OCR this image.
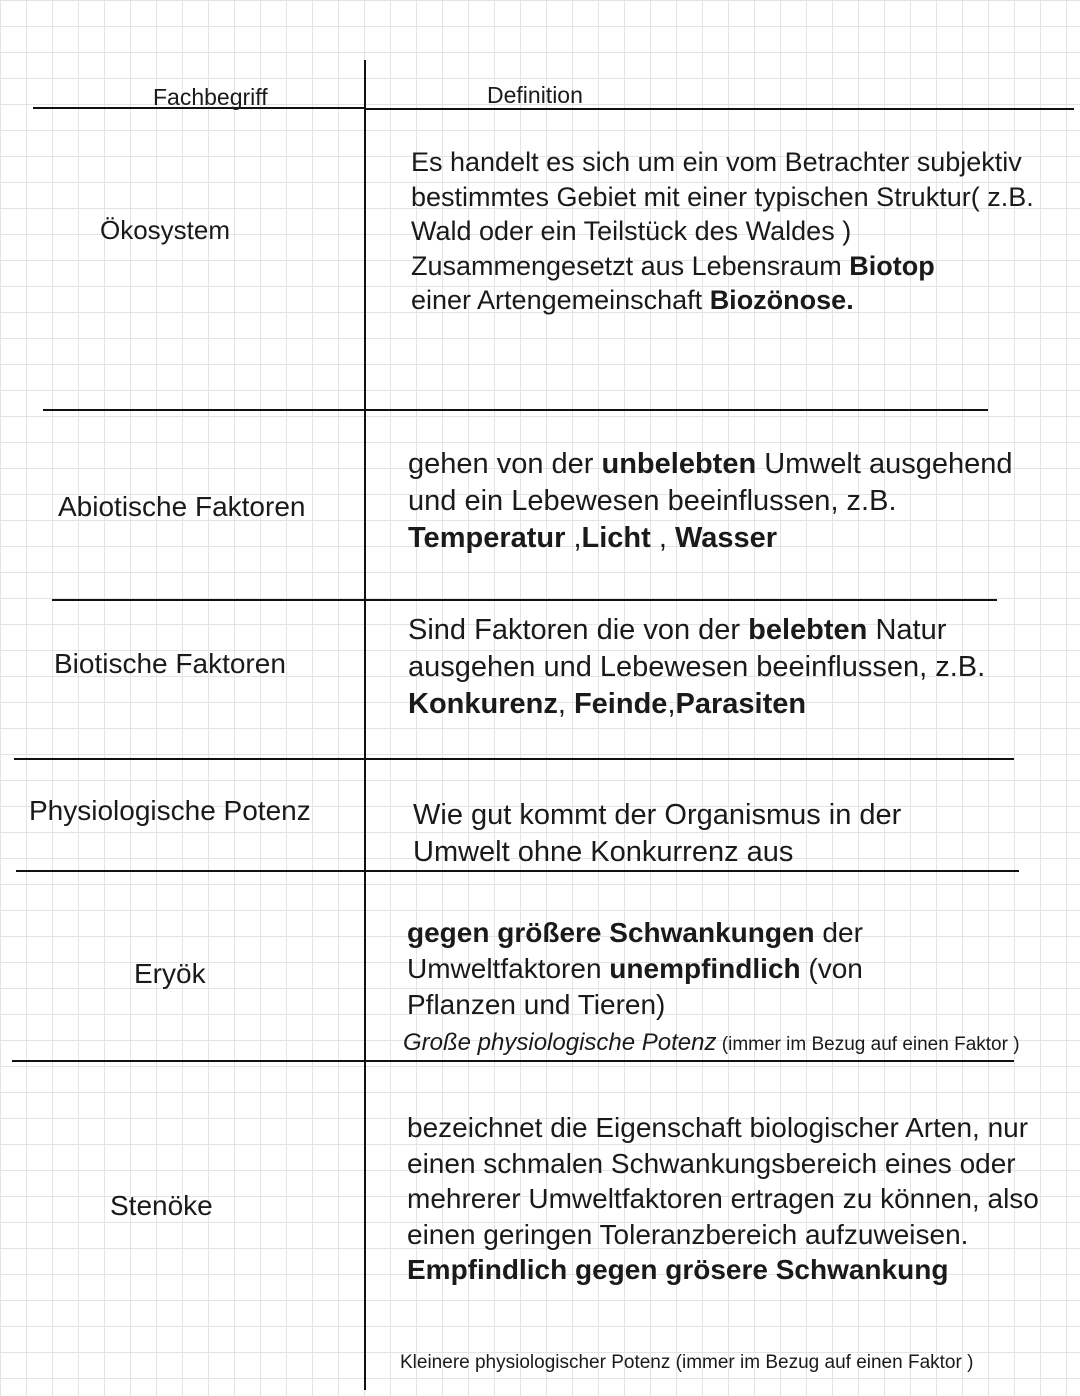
Fachbegriff	Definition
Ökosystem
Es handelt es sich um ein vom Betrachter subjektiv bestimmtes Gebiet mit einer typischen Struktur( z.B. Wald oder ein Teilstück des Waldes )
Zusammengesetzt aus Lebensraum Biotop
einer Artengemeinschaft Biozönose.
Abiotische Faktoren
gehen von der unbelebten Umwelt ausgehend und ein Lebewesen beeinflussen, z.B. Temperatur ,Licht , Wasser
Biotische Faktoren
Sind Faktoren die von der belebten Natur ausgehen und Lebewesen beeinflussen, z.B. Konkurenz, Feinde,Parasiten
Physiologische Potenz	Wie gut kommt der Organismus in der Umwelt ohne Konkurrenz aus
Eryök
gegen größere Schwankungen der Umweltfaktoren unempfindlich (von Pflanzen und Tieren)
Große physiologische Potenz (immer im Bezug auf einen Faktor )
Stenöke
bezeichnet die Eigenschaft biologischer Arten, nur einen schmalen Schwankungsbereich eines oder mehrerer Umweltfaktoren ertragen zu können, also einen geringen Toleranzbereich aufzuweisen. Empfindlich gegen grösere Schwankung
Kleinere physiologischer Potenz (immer im Bezug auf einen Faktor )
